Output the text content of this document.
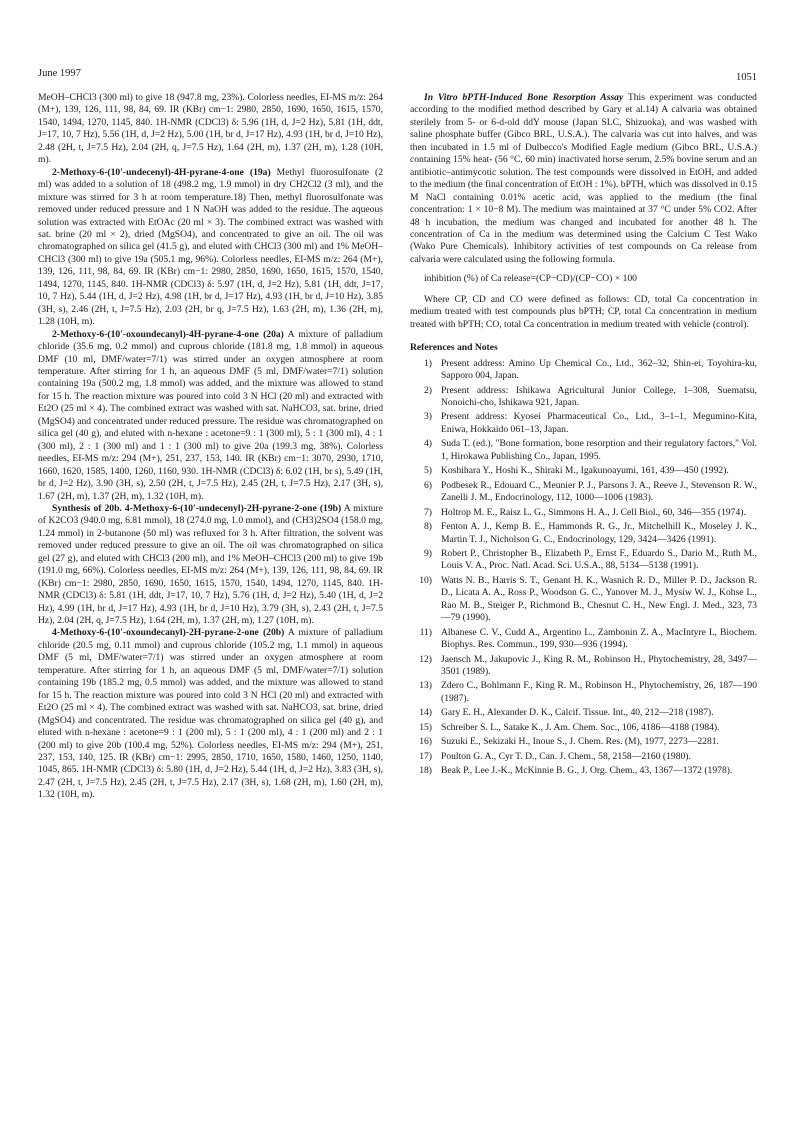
June 1997	1051

MeOH–CHCl3 (300 ml) to give 18 (947.8 mg, 23%). Colorless needles, EI-MS m/z: 264 (M+), 139, 126, 111, 98, 84, 69. IR (KBr) cm−1: 2980, 2850, 1690, 1650, 1615, 1570, 1540, 1494, 1270, 1145, 840. 1H-NMR (CDCl3) δ: 5.96 (1H, d, J=2 Hz), 5.81 (1H, ddt, J=17, 10, 7 Hz), 5.56 (1H, d, J=2 Hz), 5.00 (1H, br d, J=17 Hz), 4.93 (1H, br d, J=10 Hz), 2.48 (2H, t, J=7.5 Hz), 2.04 (2H, q, J=7.5 Hz), 1.64 (2H, m), 1.37 (2H, m), 1.28 (10H, m).

2-Methoxy-6-(10′-undecenyl)-4H-pyrane-4-one (19a) Methyl fluorosulfonate (2 ml) was added to a solution of 18 (498.2 mg, 1.9 mmol) in dry CH2Cl2 (3 ml), and the mixture was stirred for 3 h at room temperature.18) Then, methyl fluorosulfonate was removed under reduced pressure and 1 N NaOH was added to the residue. The aqueous solution was extracted with EtOAc (20 ml × 3). The combined extract was washed with sat. brine (20 ml × 2), dried (MgSO4), and concentrated to give an oil. The oil was chromatographed on silica gel (41.5 g), and eluted with CHCl3 (300 ml) and 1% MeOH–CHCl3 (300 ml) to give 19a (505.1 mg, 96%). Colorless needles, EI-MS m/z: 264 (M+), 139, 126, 111, 98, 84, 69. IR (KBr) cm−1: 2980, 2850, 1690, 1650, 1615, 1570, 1540, 1494, 1270, 1145, 840. 1H-NMR (CDCl3) δ: 5.97 (1H, d, J=2 Hz), 5.81 (1H, ddt, J=17, 10, 7 Hz), 5.44 (1H, d, J=2 Hz), 4.98 (1H, br d, J=17 Hz), 4.93 (1H, br d, J=10 Hz), 3.85 (3H, s), 2.46 (2H, t, J=7.5 Hz), 2.03 (2H, br q, J=7.5 Hz), 1.63 (2H, m), 1.36 (2H, m), 1.28 (10H, m).

2-Methoxy-6-(10′-oxoundecanyl)-4H-pyrane-4-one (20a) A mixture of palladium chloride (35.6 mg, 0.2 mmol) and cuprous chloride (181.8 mg, 1.8 mmol) in aqueous DMF (10 ml, DMF/water=7/1) was stirred under an oxygen atmosphere at room temperature. After stirring for 1 h, an aqueous DMF (5 ml, DMF/water=7/1) solution containing 19a (500.2 mg, 1.8 mmol) was added, and the mixture was allowed to stand for 15 h. The reaction mixture was poured into cold 3 N HCl (20 ml) and extracted with Et2O (25 ml × 4). The combined extract was washed with sat. NaHCO3, sat. brine, dried (MgSO4) and concentrated under reduced pressure. The residue was chromatographed on silica gel (40 g), and eluted with n-hexane : acetone=9 : 1 (300 ml), 5 : 1 (300 ml), 4 : 1 (300 ml), 2 : 1 (300 ml) and 1 : 1 (300 ml) to give 20a (199.3 mg, 38%). Colorless needles, EI-MS m/z: 294 (M+), 251, 237, 153, 140. IR (KBr) cm−1: 3070, 2930, 1710, 1660, 1620, 1585, 1400, 1260, 1160, 930. 1H-NMR (CDCl3) δ: 6.02 (1H, br s), 5.49 (1H, br d, J=2 Hz), 3.90 (3H, s), 2.50 (2H, t, J=7.5 Hz), 2.45 (2H, t, J=7.5 Hz), 2.17 (3H, s), 1.67 (2H, m), 1.37 (2H, m), 1.32 (10H, m).

Synthesis of 20b. 4-Methoxy-6-(10′-undecenyl)-2H-pyrane-2-one (19b) A mixture of K2CO3 (940.0 mg, 6.81 mmol), 18 (274.0 mg, 1.0 mmol), and (CH3)2SO4 (158.0 mg, 1.24 mmol) in 2-butanone (50 ml) was refluxed for 3 h. After filtration, the solvent was removed under reduced pressure to give an oil. The oil was chromatographed on silica gel (27 g), and eluted with CHCl3 (200 ml), and 1% MeOH–CHCl3 (200 ml) to give 19b (191.0 mg, 66%). Colorless needles, EI-MS m/z: 264 (M+), 139, 126, 111, 98, 84, 69. IR (KBr) cm−1: 2980, 2850, 1690, 1650, 1615, 1570, 1540, 1494, 1270, 1145, 840. 1H-NMR (CDCl3) δ: 5.81 (1H, ddt, J=17, 10, 7 Hz), 5.76 (1H, d, J=2 Hz), 5.40 (1H, d, J=2 Hz), 4.99 (1H, br d, J=17 Hz), 4.93 (1H, br d, J=10 Hz), 3.79 (3H, s), 2.43 (2H, t, J=7.5 Hz), 2.04 (2H, q, J=7.5 Hz), 1.64 (2H, m), 1.37 (2H, m), 1.27 (10H, m).

4-Methoxy-6-(10′-oxoundecanyl)-2H-pyrane-2-one (20b) A mixture of palladium chloride (20.5 mg, 0.11 mmol) and cuprous chloride (105.2 mg, 1.1 mmol) in aqueous DMF (5 ml, DMF/water=7/1) was stirred under an oxygen atmosphere at room temperature. After stirring for 1 h, an aqueous DMF (5 ml, DMF/water=7/1) solution containing 19b (185.2 mg, 0.5 mmol) was added, and the mixture was allowed to stand for 15 h. The reaction mixture was poured into cold 3 N HCl (20 ml) and extracted with Et2O (25 ml × 4). The combined extract was washed with sat. NaHCO3, sat. brine, dried (MgSO4) and concentrated. The residue was chromatographed on silica gel (40 g), and eluted with n-hexane : acetone=9 : 1 (200 ml), 5 : 1 (200 ml), 4 : 1 (200 ml) and 2 : 1 (200 ml) to give 20b (100.4 mg, 52%). Colorless needles, EI-MS m/z: 294 (M+), 251, 237, 153, 140, 125. IR (KBr) cm−1: 2995, 2850, 1710, 1650, 1580, 1460, 1250, 1140, 1045, 865. 1H-NMR (CDCl3) δ: 5.80 (1H, d, J=2 Hz), 5.44 (1H, d, J=2 Hz), 3.83 (3H, s), 2.47 (2H, t, J=7.5 Hz), 2.45 (2H, t, J=7.5 Hz), 2.17 (3H, s), 1.68 (2H, m), 1.60 (2H, m), 1.32 (10H, m).

In Vitro bPTH-Induced Bone Resorption Assay This experiment was conducted according to the modified method described by Gary et al.14) A calvaria was obtained sterilely from 5- or 6-d-old ddY mouse (Japan SLC, Shizuoka), and was washed with saline phosphate buffer (Gibco BRL, U.S.A.). The calvaria was cut into halves, and was then incubated in 1.5 ml of Dulbecco's Modified Eagle medium (Gibco BRL, U.S.A.) containing 15% heat- (56 °C, 60 min) inactivated horse serum, 2.5% bovine serum and an antibiotic–antimycotic solution. The test compounds were dissolved in EtOH, and added to the medium (the final concentration of EtOH : 1%). bPTH, which was dissolved in 0.15 M NaCl containing 0.01% acetic acid, was applied to the medium (the final concentration: 1 × 10−8 M). The medium was maintained at 37 °C under 5% CO2. After 48 h incubation, the medium was changed and incubated for another 48 h. The concentration of Ca in the medium was determined using the Calcium C Test Wako (Wako Pure Chemicals). Inhibitory activities of test compounds on Ca release from calvaria were calculated using the following formula.

inhibition (%) of Ca release=(CP−CD)/(CP−CO) × 100

Where CP, CD and CO were defined as follows: CD, total Ca concentration in medium treated with test compounds plus bPTH; CP, total Ca concentration in medium treated with bPTH; CO, total Ca concentration in medium treated with vehicle (control).

References and Notes
1) Present address: Amino Up Chemical Co., Ltd., 362–32, Shin-ei, Toyohira-ku, Sapporo 004, Japan.
2) Present address: Ishikawa Agricultural Junior College, 1–308, Suematsu, Nonoichi-cho, Ishikawa 921, Japan.
3) Present address: Kyosei Pharmaceutical Co., Ltd., 3–1–1, Megumino-Kita, Eniwa, Hokkaido 061–13, Japan.
4) Suda T. (ed.), "Bone formation, bone resorption and their regulatory factors," Vol. 1, Hirokawa Publishing Co., Japan, 1995.
5) Koshihara Y., Hoshi K., Shiraki M., Igakunoayumi, 161, 439—450 (1992).
6) Podbesek R., Edouard C., Meunier P. J., Parsons J. A., Reeve J., Stevenson R. W., Zanelli J. M., Endocrinology, 112, 1000—1006 (1983).
7) Holtrop M. E., Raisz L. G., Simmons H. A., J. Cell Biol., 60, 346—355 (1974).
8) Fenton A. J., Kemp B. E., Hammonds R. G., Jr., Mitchelhill K., Moseley J. K., Martin T. J., Nicholson G. C., Endocrinology, 129, 3424—3426 (1991).
9) Robert P., Christopher B., Elizabeth P., Ernst F., Eduardo S., Dario M., Ruth M., Louis V. A., Proc. Natl. Acad. Sci. U.S.A., 88, 5134—5138 (1991).
10) Watts N. B., Harris S. T., Genant H. K., Wasnich R. D., Miller P. D., Jackson R. D., Licata A. A., Ross P., Woodson G. C., Yanover M. J., Mysiw W. J., Kohse L., Rao M. B., Steiger P., Richmond B., Chesnut C. H., New Engl. J. Med., 323, 73—79 (1990).
11) Albanese C. V., Cudd A., Argentino L., Zambonin Z. A., MacIntyre I., Biochem. Biophys. Res. Commun., 199, 930—936 (1994).
12) Jaensch M., Jakupovic J., King R. M., Robinson H., Phytochemistry, 28, 3497—3501 (1989).
13) Zdero C., Bohlmann F., King R. M., Robinson H., Phytochemistry, 26, 187—190 (1987).
14) Gary E. H., Alexander D. K., Calcif. Tissue. Int., 40, 212—218 (1987).
15) Schreiber S. L., Satake K., J. Am. Chem. Soc., 106, 4186—4188 (1984).
16) Suzuki E., Sekizaki H., Inoue S., J. Chem. Res. (M), 1977, 2273—2281.
17) Poulton G. A., Cyr T. D., Can. J. Chem., 58, 2158—2160 (1980).
18) Beak P., Lee J.-K., McKinnie B. G., J. Org. Chem., 43, 1367—1372 (1978).
